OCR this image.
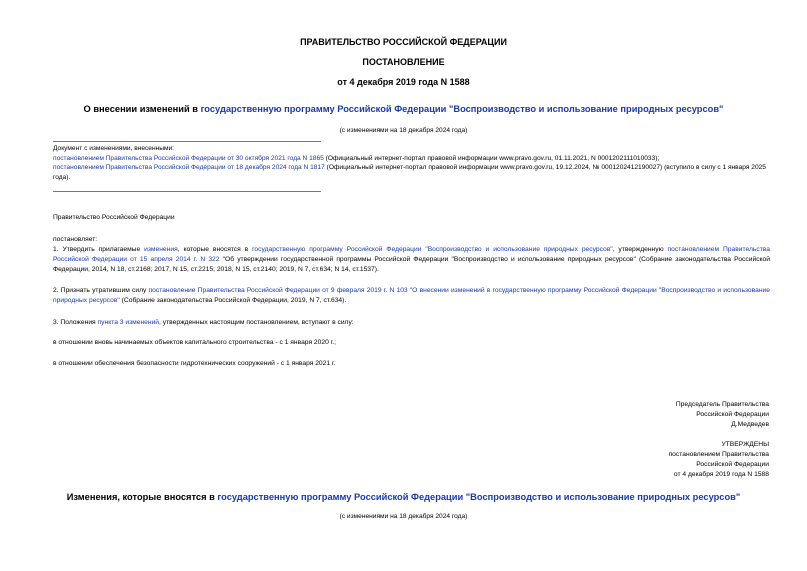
ПРАВИТЕЛЬСТВО РОССИЙСКОЙ ФЕДЕРАЦИИ
ПОСТАНОВЛЕНИЕ
от 4 декабря 2019 года N 1588
О внесении изменений в государственную программу Российской Федерации "Воспроизводство и использование природных ресурсов"
(с изменениями на 18 декабря 2024 года)
Документ с изменениями, внесенными:
постановлением Правительства Российской Федерации от 30 октября 2021 года N 1865 (Официальный интернет-портал правовой информации www.pravo.gov.ru, 01.11.2021, N 0001202111010033);
постановлением Правительства Российской Федерации от 18 декабря 2024 года N 1817 (Официальный интернет-портал правовой информации www.pravo.gov.ru, 19.12.2024, № 0001202412190027) (вступило в силу с 1 января 2025 года).
Правительство Российской Федерации
постановляет:
1. Утвердить прилагаемые изменения, которые вносятся в государственную программу Российской Федерации "Воспроизводство и использование природных ресурсов", утвержденную постановлением Правительства Российской Федерации от 15 апреля 2014 г. N 322 "Об утверждении государственной программы Российской Федерации "Воспроизводство и использование природных ресурсов" (Собрание законодательства Российской Федерации, 2014, N 18, ст.2168; 2017, N 15, ст.2215; 2018, N 15, ст.2140; 2019, N 7, ст.634; N 14, ст.1537).
2. Признать утратившим силу постановление Правительства Российской Федерации от 9 февраля 2019 г. N 103 "О внесении изменений в государственную программу Российской Федерации "Воспроизводство и использование природных ресурсов" (Собрание законодательства Российской Федерации, 2019, N 7, ст.634).
3. Положения пункта 3 изменений, утвержденных настоящим постановлением, вступают в силу:
в отношении вновь начинаемых объектов капитального строительства - с 1 января 2020 г.;
в отношении обеспечения безопасности гидротехнических сооружений - с 1 января 2021 г.
Председатель Правительства
Российской Федерации
Д.Медведев
УТВЕРЖДЕНЫ
постановлением Правительства
Российской Федерации
от 4 декабря 2019 года N 1588
Изменения, которые вносятся в государственную программу Российской Федерации "Воспроизводство и использование природных ресурсов"
(с изменениями на 18 декабря 2024 года)
